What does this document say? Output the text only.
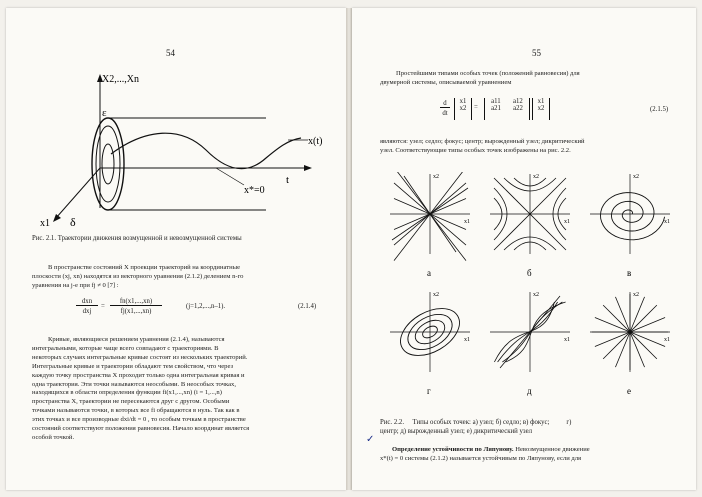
54
X2,...,Xn
ε
x(t)
x*=0
t
x1 δ
Рис. 2.1. Траектории движения возмущенной и невозмущенной системы
В пространстве состояний X проекции траекторий на координатные
плоскости (xj, xn) находятся из векторного уравнения (2.1.2) делением n-го
уравнения на j-е при fj ≠ 0 [7] :
dxn
dxj
=
fn(x1,...,xn)
fj(x1,...,xn)
(j=1,2,...,n–1).	(2.1.4)
Кривые, являющиеся решением уравнения (2.1.4), называются
интегральными, которые чаще всего совпадают с траекториями. В
некоторых случаях интегральные кривые состоят из нескольких траекторий.
Интегральные кривые и траектории обладают тем свойством, что через
каждую точку пространства X проходит только одна интегральная кривая и
одна траектория. Эти точки называются неособыми. В неособых точках,
находящихся в области определения функции fi(x1,...,xn) (i = 1,...,n)
пространства X, траектории не пересекаются друг с другом. Особыми
точками называются точки, в которых все fi обращаются в нуль. Так как в
этих точках и все производные dxi/dt = 0 , то особым точкам в пространстве
состояний соответствуют положения равновесия. Начало координат является
особой точкой.
55
Простейшими типами особых точек (положений равновесия) для
двумерной системы, описываемой уравнением
d
dt
x1
x2	=
a11 a12
a21 a22
x1
x2	(2.1.5)
являются: узел; седло; фокус; центр; вырожденный узел; дикритический
узел. Соответствующие типы особых точек изображены на рис. 2.2.
x1
x2
а
x1
x2
б
x1
x2
в
x1
x2
г
x1
x2
д
x1
x2
е
Рис. 2.2.     Типы особых точек: а) узел; б) седло; в) фокус;          г)
центр; д) вырожденный узел; е) дикритический узел
✓
Определение устойчивости по Ляпунову. Невозмущенное движение
x*(t) = 0 системы (2.1.2) называется устойчивым по Ляпунову, если для
